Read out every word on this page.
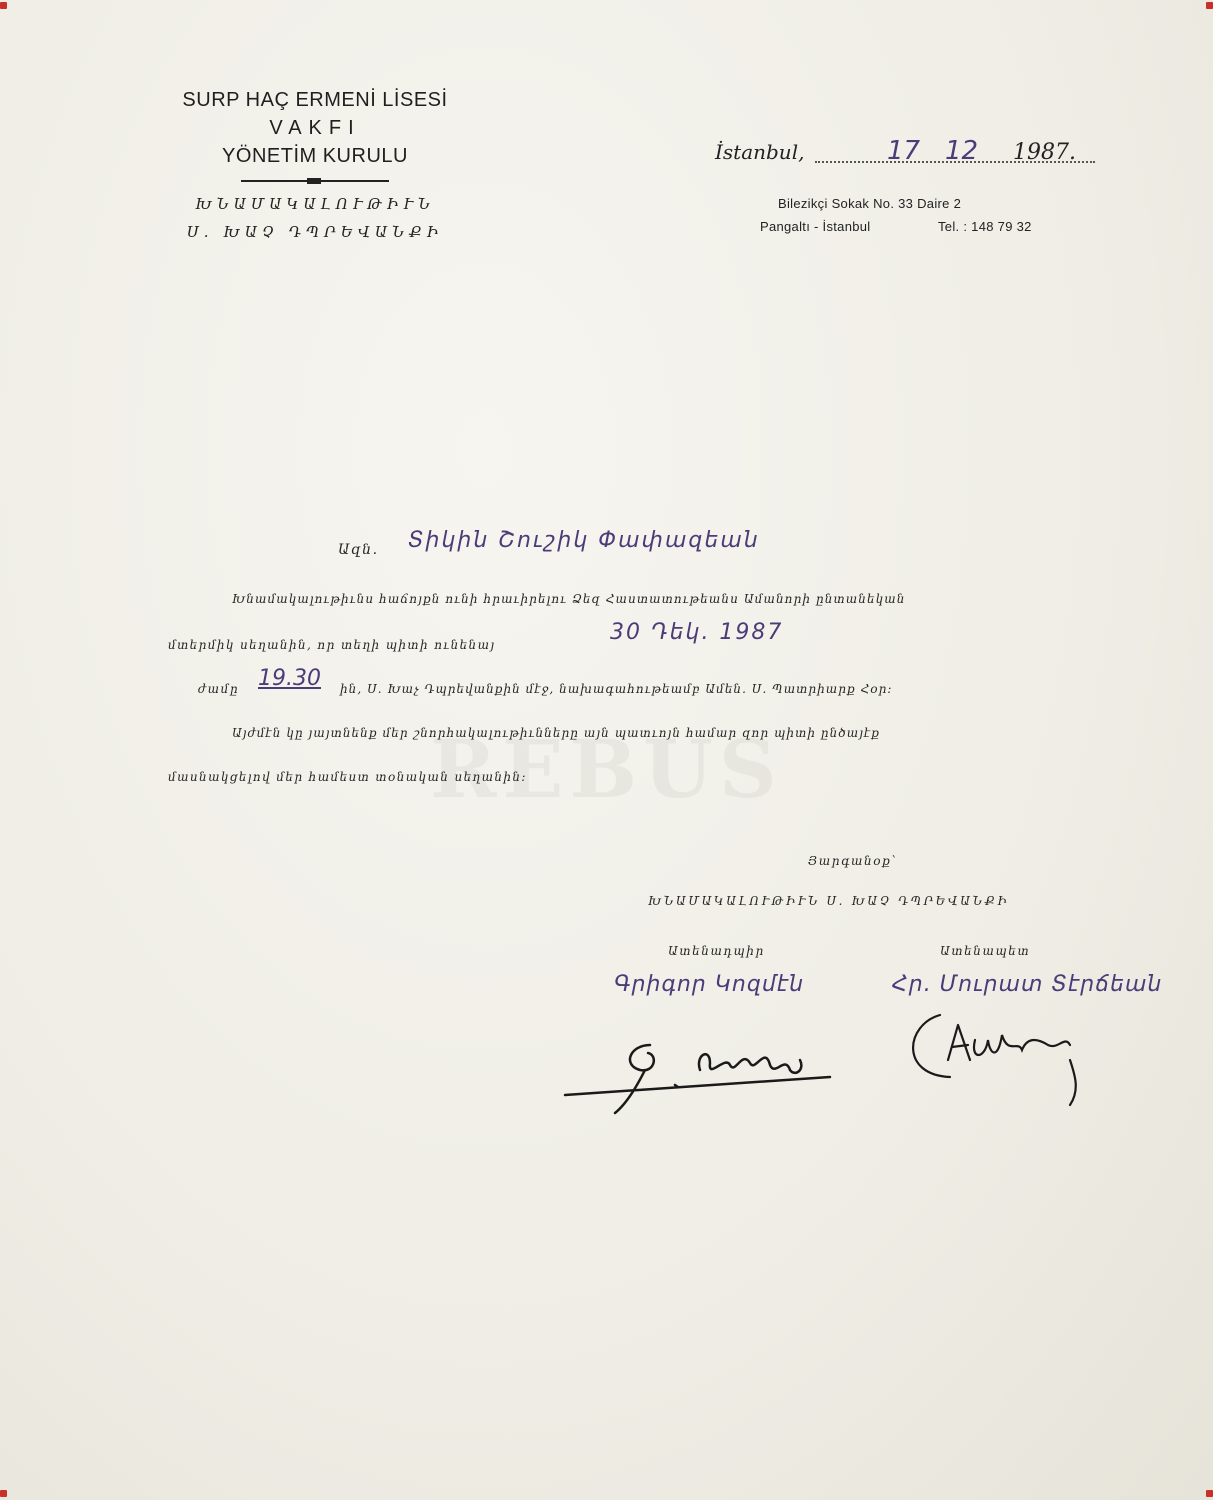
SURP HAÇ ERMENİ LİSESİ
VAKFI
YÖNETİM KURULU
ԽՆԱՄԱԿԱԼՈՒԹԻՒՆ
Ս. ԽԱՉ ԴՊՐԵՎԱՆՔԻ
İstanbul,	17 12 1987.
Bilezikçi Sokak No. 33 Daire 2
Pangaltı - İstanbul	Tel. : 148 79 32
Ազն. Տիկին Շուշիկ Փափազեան
Խնամակալութիւնս հաճոյքն ունի հրաւիրելու Ձեզ Հաստատութեանս Ամանորի ընտանեկան
մտերմիկ սեղանին, որ տեղի պիտի ունենայ	30 Դեկ. 1987
ժամը 19.30 ին, Ս. Խաչ Դպրեվանքին մէջ, նախագահութեամբ Ամեն. Ս. Պատրիարք Հօր։
Այժմէն կը յայտնենք մեր շնորհակալութիւնները այն պատւոյն համար զոր պիտի ընծայէք
մասնակցելով մեր համեստ տօնական սեղանին։
Յարգանօք՝
ԽՆԱՄԱԿԱԼՈՒԹԻՒՆ Ս. ԽԱՉ ԴՊՐԵՎԱՆՔԻ
Ատենադպիր	Ատենապետ
Գրիգոր Կոզմէն	Հր. Մուրատ Տէրճեան
